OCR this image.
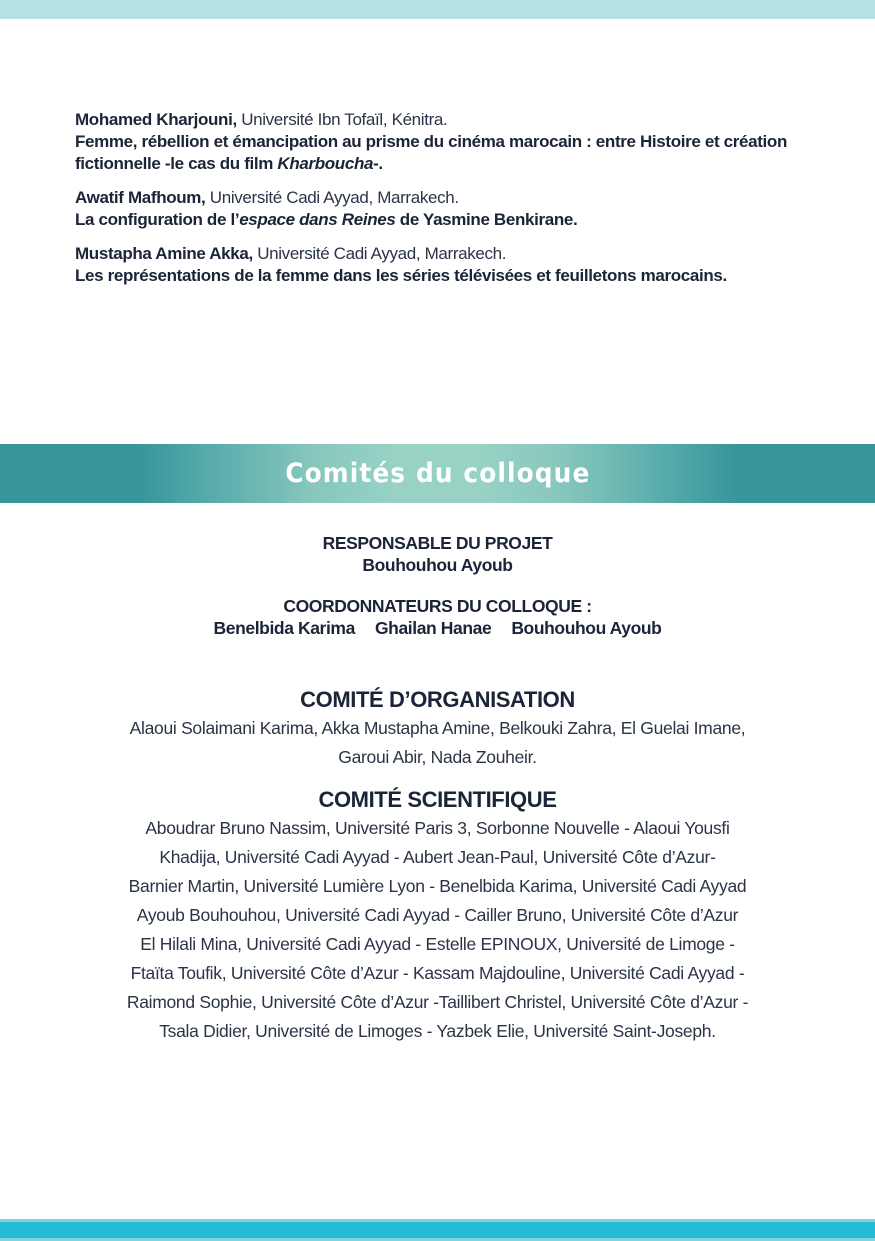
Mohamed Kharjouni, Université Ibn Tofaïl, Kénitra.
Femme, rébellion et émancipation au prisme du cinéma marocain : entre Histoire et création fictionnelle -le cas du film Kharboucha-.
Awatif Mafhoum, Université Cadi Ayyad, Marrakech.
La configuration de l’espace dans Reines de Yasmine Benkirane.
Mustapha Amine Akka, Université Cadi Ayyad, Marrakech.
Les représentations de la femme dans les séries télévisées et feuilletons marocains.
Comités du colloque
RESPONSABLE DU PROJET
Bouhouhou Ayoub
COORDONNATEURS DU COLLOQUE :
Benelbida Karima Ghailan Hanae Bouhouhou Ayoub
COMITÉ D’ORGANISATION
Alaoui Solaimani Karima, Akka Mustapha Amine, Belkouki Zahra, El Guelai Imane,
Garoui Abir, Nada Zouheir.
COMITÉ SCIENTIFIQUE
Aboudrar Bruno Nassim, Université Paris 3, Sorbonne Nouvelle - Alaoui Yousfi
Khadija, Université Cadi Ayyad - Aubert Jean-Paul, Université Côte d’Azur-
Barnier Martin, Université Lumière Lyon - Benelbida Karima, Université Cadi Ayyad
Ayoub Bouhouhou, Université Cadi Ayyad - Cailler Bruno, Université Côte d’Azur
El Hilali Mina, Université Cadi Ayyad - Estelle EPINOUX, Université de Limoge -
Ftaïta Toufik, Université Côte d’Azur - Kassam Majdouline, Université Cadi Ayyad -
Raimond Sophie, Université Côte d’Azur -Taillibert Christel, Université Côte d’Azur -
Tsala Didier, Université de Limoges - Yazbek Elie, Université Saint-Joseph.
